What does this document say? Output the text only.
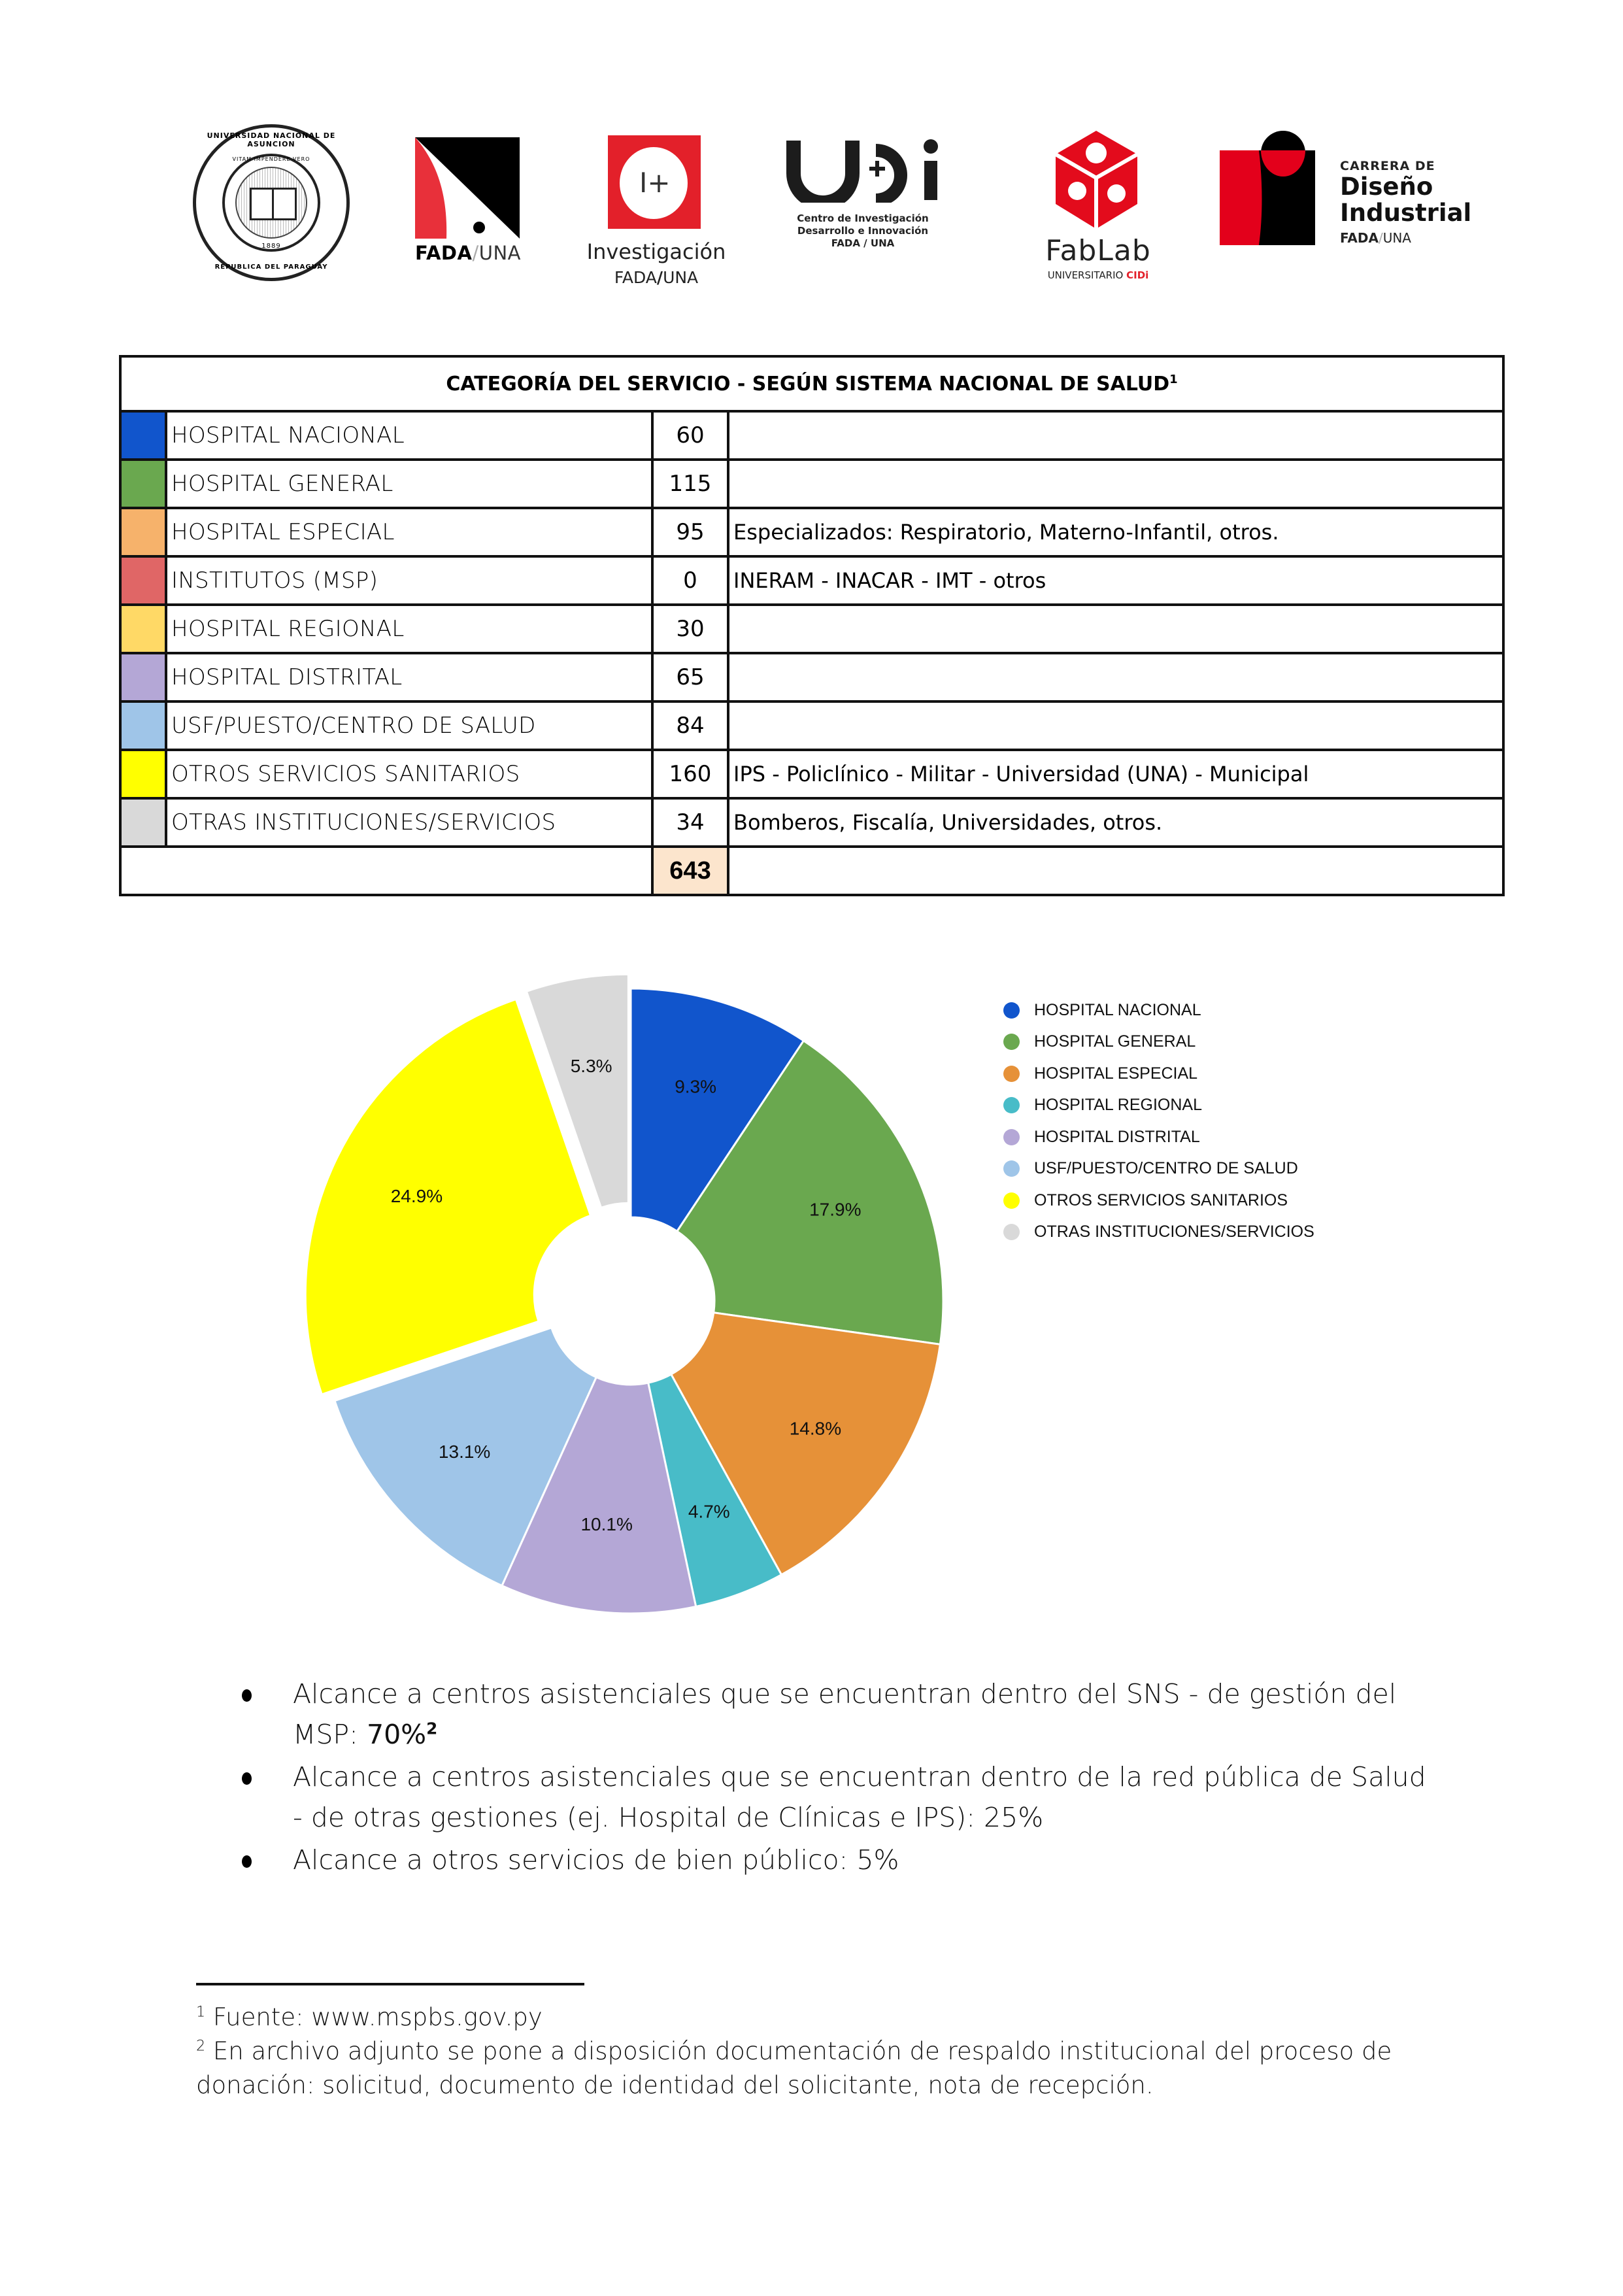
UNIVERSIDAD NACIONAL DE ASUNCION
VITAM IMPENDERE VERO
1889
REPUBLICA DEL PARAGUAY
FADA/UNA
I+
Investigación
FADA/UNA
Centro de Investigación
Desarrollo e Innovación
FADA / UNA	FabLab
UNIVERSITARIO CIDi
CARRERA DE
Diseño
Industrial
FADA/UNA
CATEGORÍA DEL SERVICIO - SEGÚN SISTEMA NACIONAL DE SALUD$^1$
	HOSPITAL NACIONAL	60	
	HOSPITAL GENERAL	115	
	HOSPITAL ESPECIAL	95	Especializados: Respiratorio, Materno-Infantil, otros.
	INSTITUTOS (MSP)	0	INERAM - INACAR - IMT - otros
	HOSPITAL REGIONAL	30	
	HOSPITAL DISTRITAL	65	
	USF/PUESTO/CENTRO DE SALUD	84	
	OTROS SERVICIOS SANITARIOS	160	IPS - Policlínico - Militar - Universidad (UNA) - Municipal
	OTRAS INSTITUCIONES/SERVICIOS	34	Bomberos, Fiscalía, Universidades, otros.
		643	
9.3%
17.9%
14.8%
4.7%
10.1%
13.1%
24.9%
5.3%
HOSPITAL NACIONAL
HOSPITAL GENERAL
HOSPITAL ESPECIAL
HOSPITAL REGIONAL
HOSPITAL DISTRITAL
USF/PUESTO/CENTRO DE SALUD
OTROS SERVICIOS SANITARIOS
OTRAS INSTITUCIONES/SERVICIOS
Alcance a centros asistenciales que se encuentran dentro del SNS - de gestión del MSP: 70%$^2$
Alcance a centros asistenciales que se encuentran dentro de la red pública de Salud - de otras gestiones (ej. Hospital de Clínicas e IPS): 25%
Alcance a otros servicios de bien público: 5%
$^1$ Fuente: www.mspbs.gov.py
$^2$ En archivo adjunto se pone a disposición documentación de respaldo institucional del proceso de donación: solicitud, documento de identidad del solicitante, nota de recepción.
